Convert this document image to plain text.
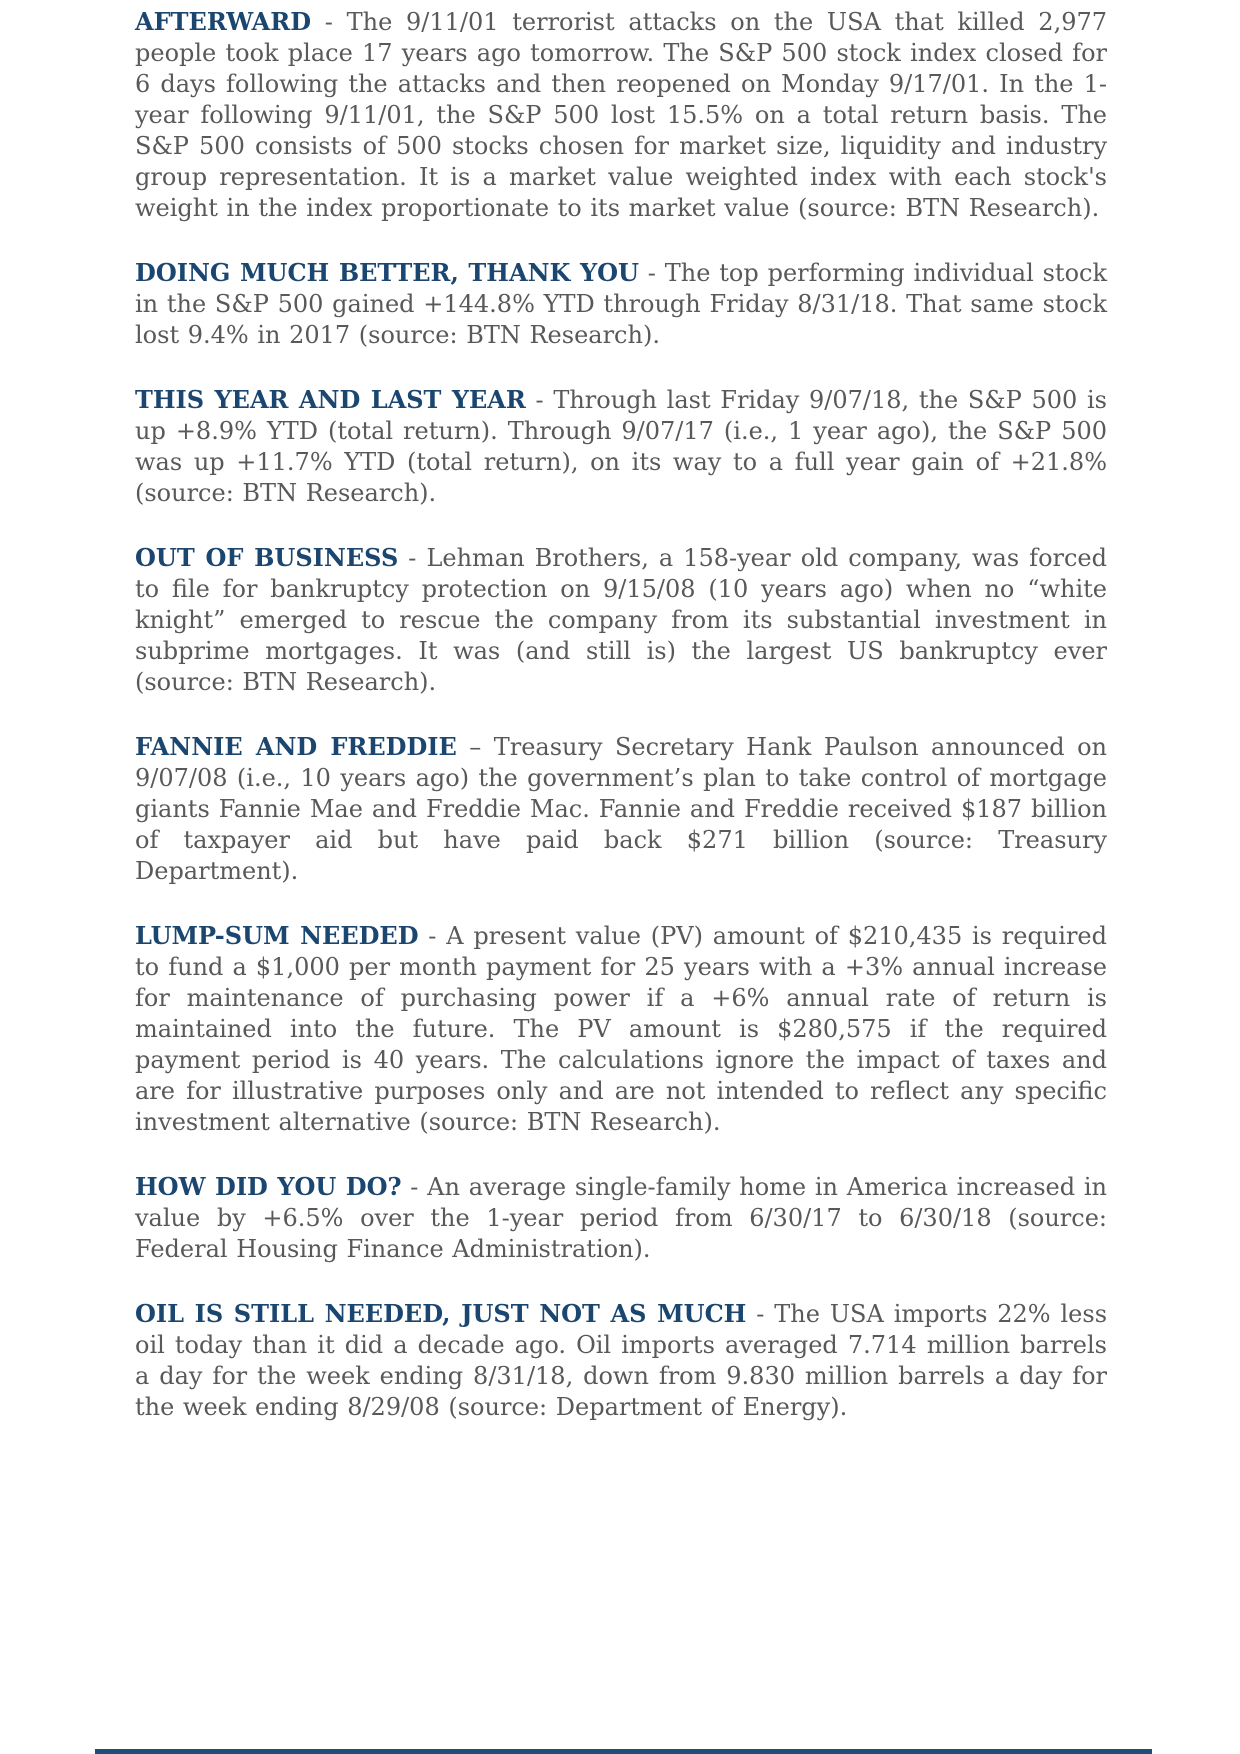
AFTERWARD - The 9/11/01 terrorist attacks on the USA that killed 2,977 people took place 17 years ago tomorrow. The S&P 500 stock index closed for 6 days following the attacks and then reopened on Monday 9/17/01. In the 1-year following 9/11/01, the S&P 500 lost 15.5% on a total return basis. The S&P 500 consists of 500 stocks chosen for market size, liquidity and industry group representation. It is a market value weighted index with each stock's weight in the index proportionate to its market value (source: BTN Research).

DOING MUCH BETTER, THANK YOU - The top performing individual stock in the S&P 500 gained +144.8% YTD through Friday 8/31/18. That same stock lost 9.4% in 2017 (source: BTN Research).

THIS YEAR AND LAST YEAR - Through last Friday 9/07/18, the S&P 500 is up +8.9% YTD (total return). Through 9/07/17 (i.e., 1 year ago), the S&P 500 was up +11.7% YTD (total return), on its way to a full year gain of +21.8% (source: BTN Research).

OUT OF BUSINESS - Lehman Brothers, a 158-year old company, was forced to file for bankruptcy protection on 9/15/08 (10 years ago) when no “white knight” emerged to rescue the company from its substantial investment in subprime mortgages. It was (and still is) the largest US bankruptcy ever (source: BTN Research).

FANNIE AND FREDDIE – Treasury Secretary Hank Paulson announced on 9/07/08 (i.e., 10 years ago) the government’s plan to take control of mortgage giants Fannie Mae and Freddie Mac. Fannie and Freddie received $187 billion of taxpayer aid but have paid back $271 billion (source: Treasury Department).

LUMP-SUM NEEDED - A present value (PV) amount of $210,435 is required to fund a $1,000 per month payment for 25 years with a +3% annual increase for maintenance of purchasing power if a +6% annual rate of return is maintained into the future. The PV amount is $280,575 if the required payment period is 40 years. The calculations ignore the impact of taxes and are for illustrative purposes only and are not intended to reflect any specific investment alternative (source: BTN Research).

HOW DID YOU DO? - An average single-family home in America increased in value by +6.5% over the 1-year period from 6/30/17 to 6/30/18 (source: Federal Housing Finance Administration).

OIL IS STILL NEEDED, JUST NOT AS MUCH - The USA imports 22% less oil today than it did a decade ago. Oil imports averaged 7.714 million barrels a day for the week ending 8/31/18, down from 9.830 million barrels a day for the week ending 8/29/08 (source: Department of Energy).
